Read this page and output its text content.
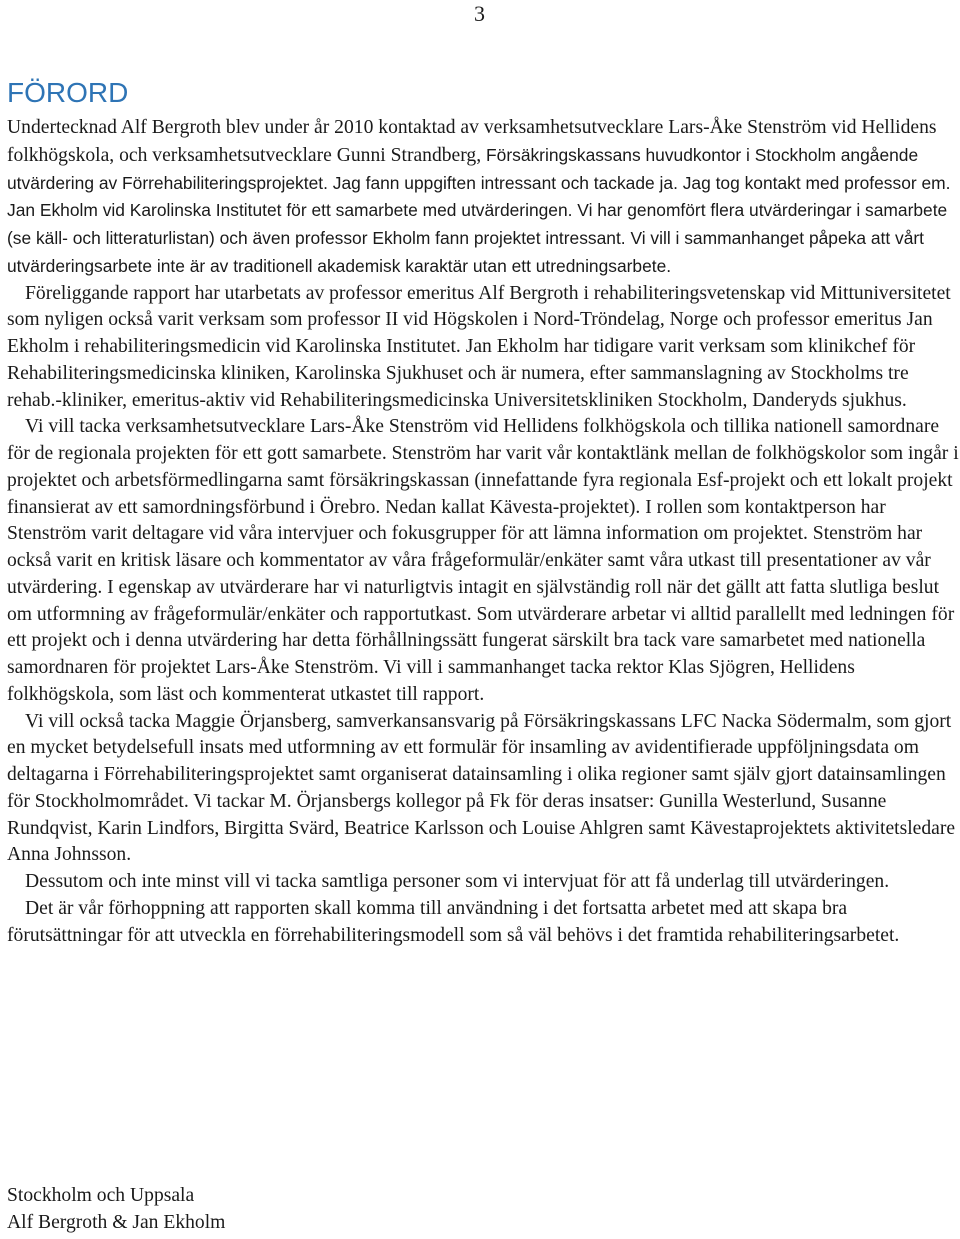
3
FÖRORD

Undertecknad Alf Bergroth blev under år 2010 kontaktad av verksamhetsutvecklare Lars-Åke Stenström vid Hellidens folkhögskola, och verksamhetsutvecklare Gunni Strandberg, Försäkringskassans huvudkontor i Stockholm angående utvärdering av Förrehabiliteringsprojektet. Jag fann uppgiften intressant och tackade ja. Jag tog kontakt med professor em. Jan Ekholm vid Karolinska Institutet för ett samarbete med utvärderingen. Vi har genomfört flera utvärderingar i samarbete (se käll- och litteraturlistan) och även professor Ekholm fann projektet intressant. Vi vill i sammanhanget påpeka att vårt utvärderingsarbete inte är av traditionell akademisk karaktär utan ett utredningsarbete.

Föreliggande rapport har utarbetats av professor emeritus Alf Bergroth i rehabiliteringsvetenskap vid Mittuniversitetet som nyligen också varit verksam som professor II vid Högskolen i Nord-Tröndelag, Norge och professor emeritus Jan Ekholm i rehabiliteringsmedicin vid Karolinska Institutet. Jan Ekholm har tidigare varit verksam som klinikchef för Rehabiliteringsmedicinska kliniken, Karolinska Sjukhuset och är numera, efter sammanslagning av Stockholms tre rehab.-kliniker, emeritus-aktiv vid Rehabiliteringsmedicinska Universitetskliniken Stockholm, Danderyds sjukhus.

Vi vill tacka verksamhetsutvecklare Lars-Åke Stenström vid Hellidens folkhögskola och tillika nationell samordnare för de regionala projekten för ett gott samarbete. Stenström har varit vår kontaktlänk mellan de folkhögskolor som ingår i projektet och arbetsförmedlingarna samt försäkringskassan (innefattande fyra regionala Esf-projekt och ett lokalt projekt finansierat av ett samordningsförbund i Örebro. Nedan kallat Kävesta-projektet). I rollen som kontaktperson har Stenström varit deltagare vid våra intervjuer och fokusgrupper för att lämna information om projektet. Stenström har också varit en kritisk läsare och kommentator av våra frågeformulär/enkäter samt våra utkast till presentationer av vår utvärdering. I egenskap av utvärderare har vi naturligtvis intagit en självständig roll när det gällt att fatta slutliga beslut om utformning av frågeformulär/enkäter och rapportutkast. Som utvärderare arbetar vi alltid parallellt med ledningen för ett projekt och i denna utvärdering har detta förhållningssätt fungerat särskilt bra tack vare samarbetet med nationella samordnaren för projektet Lars-Åke Stenström. Vi vill i sammanhanget tacka rektor Klas Sjögren, Hellidens folkhögskola, som läst och kommenterat utkastet till rapport.

Vi vill också tacka Maggie Örjansberg, samverkansansvarig på Försäkringskassans LFC Nacka Södermalm, som gjort en mycket betydelsefull insats med utformning av ett formulär för insamling av avidentifierade uppföljningsdata om deltagarna i Förrehabiliteringsprojektet samt organiserat datainsamling i olika regioner samt själv gjort datainsamlingen för Stockholmområdet. Vi tackar M. Örjansbergs kollegor på Fk för deras insatser: Gunilla Westerlund, Susanne Rundqvist, Karin Lindfors, Birgitta Svärd, Beatrice Karlsson och Louise Ahlgren samt Kävestaprojektets aktivitetsledare Anna Johnsson.

Dessutom och inte minst vill vi tacka samtliga personer som vi intervjuat för att få underlag till utvärderingen.

Det är vår förhoppning att rapporten skall komma till användning i det fortsatta arbetet med att skapa bra förutsättningar för att utveckla en förrehabiliteringsmodell som så väl behövs i det framtida rehabiliteringsarbetet.

Stockholm och Uppsala
Alf Bergroth & Jan Ekholm
